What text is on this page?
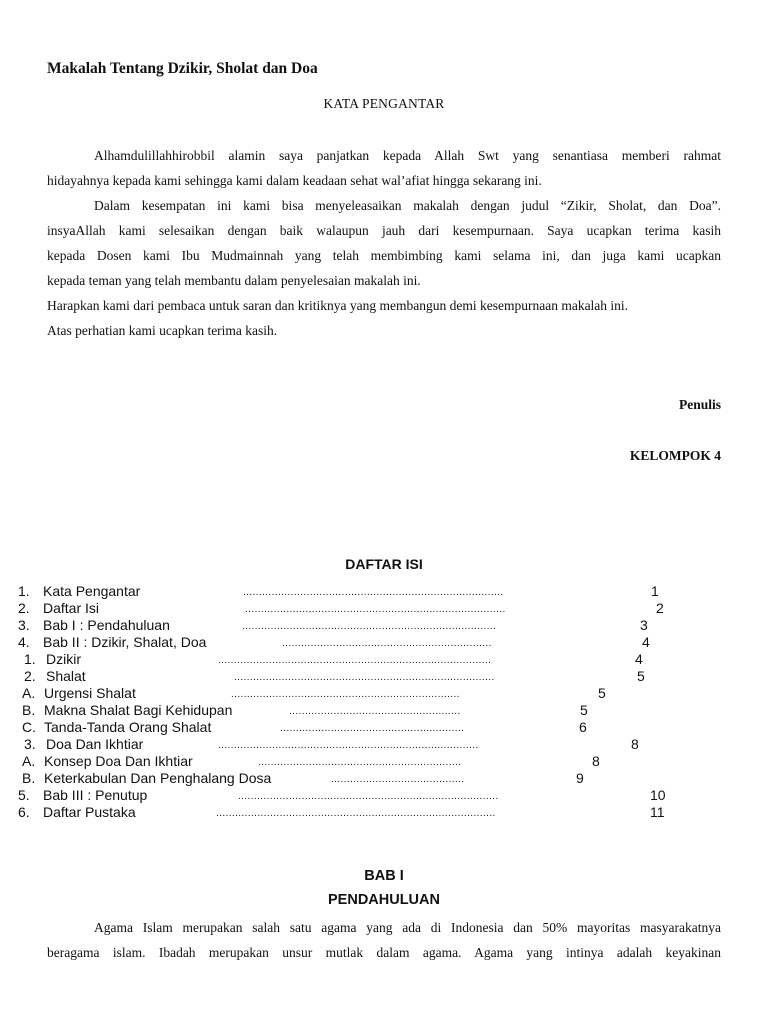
Makalah Tentang Dzikir, Sholat dan Doa
KATA PENGANTAR

Alhamdulillahhirobbil alamin saya panjatkan kepada Allah Swt yang senantiasa memberi rahmat

hidayahnya kepada kami sehingga kami dalam keadaan sehat wal’afiat hingga sekarang ini.

Dalam kesempatan ini kami bisa menyeleasaikan makalah dengan judul “Zikir, Sholat, dan Doa”.

insyaAllah kami selesaikan dengan baik walaupun jauh dari kesempurnaan. Saya ucapkan terima kasih

kepada Dosen kami Ibu Mudmainnah yang telah membimbing kami selama ini, dan juga kami ucapkan

kepada teman yang telah membantu dalam penyelesaian makalah ini.

Harapkan kami dari pembaca untuk saran dan kritiknya yang membangun demi kesempurnaan makalah ini.

Atas perhatian kami ucapkan terima kasih.

Penulis
KELOMPOK 4
DAFTAR ISI
1. Kata Pengantar	..................................................................................	1
2. Daftar Isi	..................................................................................	2
3. Bab I : Pendahuluan	................................................................................	3
4. Bab II : Dzikir, Shalat, Doa	..................................................................	4
1. Dzikir	......................................................................................	4
2. Shalat	..................................................................................	5
A. Urgensi Shalat	........................................................................	5
B. Makna Shalat Bagi Kehidupan	......................................................	5
C. Tanda-Tanda Orang Shalat	..........................................................	6
3. Doa Dan Ikhtiar	..................................................................................	8
A. Konsep Doa Dan Ikhtiar	................................................................	8
B. Keterkabulan Dan Penghalang Dosa	..........................................	9
5. Bab III : Penutup	..................................................................................	10
6. Daftar Pustaka	........................................................................................	11
BAB I
PENDAHULUAN

Agama Islam merupakan salah satu agama yang ada di Indonesia dan 50% mayoritas masyarakatnya

beragama islam. Ibadah merupakan unsur mutlak dalam agama. Agama yang intinya adalah keyakinan
